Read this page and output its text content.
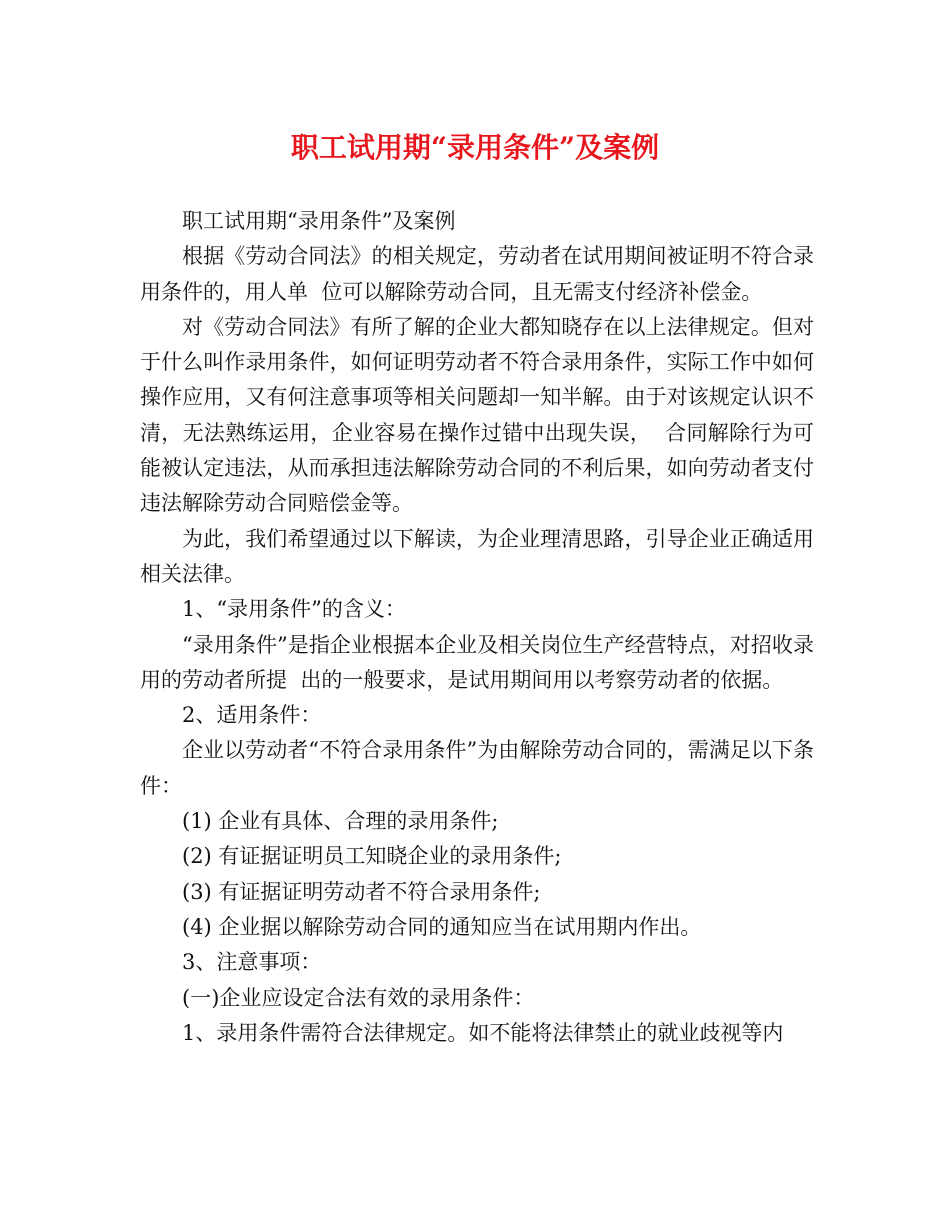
职工试用期“录用条件”及案例

职工试用期“录用条件”及案例

根据《劳动合同法》的相关规定，劳动者在试用期间被证明不符合录用条件的，用人单  位可以解除劳动合同，且无需支付经济补偿金。

对《劳动合同法》有所了解的企业大都知晓存在以上法律规定。但对于什么叫作录用条件，如何证明劳动者不符合录用条件，实际工作中如何操作应用，又有何注意事项等相关问题却一知半解。由于对该规定认识不清，无法熟练运用，企业容易在操作过错中出现失误，  合同解除行为可能被认定违法，从而承担违法解除劳动合同的不利后果，如向劳动者支付违法解除劳动合同赔偿金等。

为此，我们希望通过以下解读，为企业理清思路，引导企业正确适用相关法律。

1、“录用条件”的含义：

“录用条件”是指企业根据本企业及相关岗位生产经营特点，对招收录用的劳动者所提  出的一般要求，是试用期间用以考察劳动者的依据。

2、适用条件：

企业以劳动者“不符合录用条件”为由解除劳动合同的，需满足以下条件：

(1) 企业有具体、合理的录用条件;

(2) 有证据证明员工知晓企业的录用条件;

(3) 有证据证明劳动者不符合录用条件;

(4) 企业据以解除劳动合同的通知应当在试用期内作出。

3、注意事项：

(一)企业应设定合法有效的录用条件：

1、录用条件需符合法律规定。如不能将法律禁止的就业歧视等内
